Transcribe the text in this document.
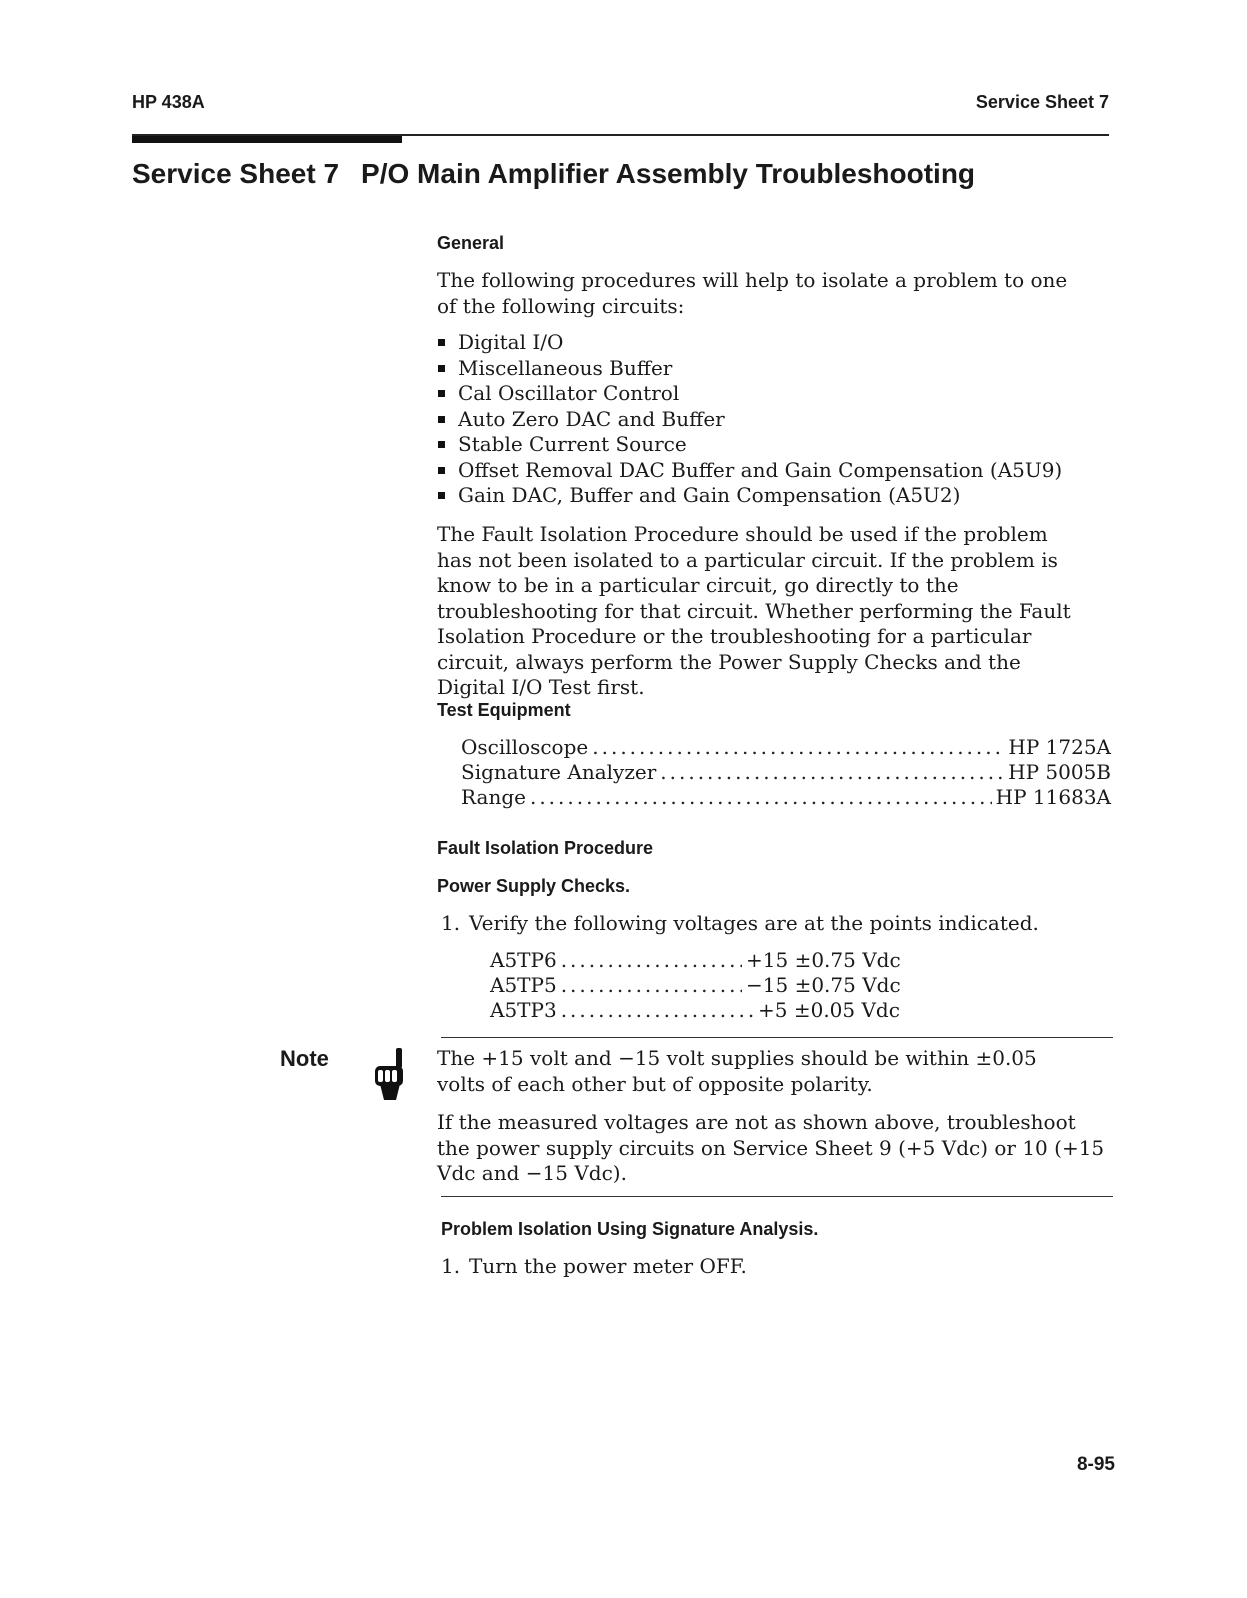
HP 438A	Service Sheet 7
Service Sheet 7 P/O Main Amplifier Assembly Troubleshooting
General

The following procedures will help to isolate a problem to one of the following circuits:

Digital I/O
Miscellaneous Buffer
Cal Oscillator Control
Auto Zero DAC and Buffer
Stable Current Source
Offset Removal DAC Buffer and Gain Compensation (A5U9)
Gain DAC, Buffer and Gain Compensation (A5U2)

The Fault Isolation Procedure should be used if the problem has not been isolated to a particular circuit. If the problem is know to be in a particular circuit, go directly to the troubleshooting for that circuit. Whether performing the Fault Isolation Procedure or the troubleshooting for a particular circuit, always perform the Power Supply Checks and the Digital I/O Test first.

Test Equipment
Oscilloscope .....	HP 1725A
Signature Analyzer .....	HP 5005B
Range .....	HP 11683A
Fault Isolation Procedure
Power Supply Checks.
1. Verify the following voltages are at the points indicated.
A5TP6 .....	+15 ±0.75 Vdc
A5TP5 .....	−15 ±0.75 Vdc
A5TP3 .....	+5 ±0.05 Vdc
Note	The +15 volt and −15 volt supplies should be within ±0.05 volts of each other but of opposite polarity.

If the measured voltages are not as shown above, troubleshoot the power supply circuits on Service Sheet 9 (+5 Vdc) or 10 (+15 Vdc and −15 Vdc).

Problem Isolation Using Signature Analysis.
1. Turn the power meter OFF.
8-95
